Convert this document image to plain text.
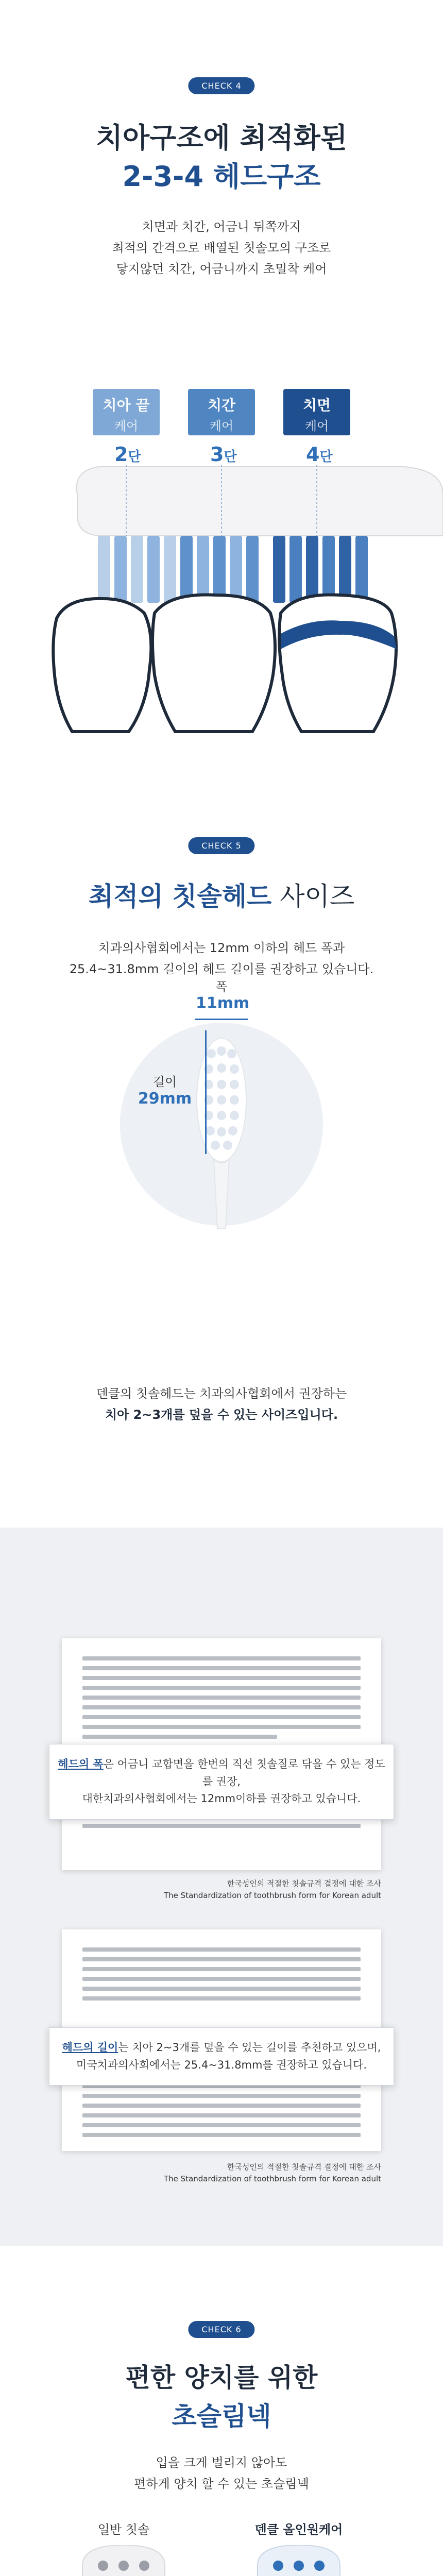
CHECK 4
치아구조에 최적화된
2-3-4 헤드구조
치면과 치간, 어금니 뒤쪽까지
최적의 간격으로 배열된 칫솔모의 구조로
닿지않던 치간, 어금니까지 초밀착 케어
치아 끝
케어
치간
케어
치면
케어
2단	3단	4단
CHECK 5
최적의 칫솔헤드 사이즈
치과의사협회에서는 12mm 이하의 헤드 폭과
25.4~31.8mm 길이의 헤드 길이를 권장하고 있습니다.
폭
11mm
길이
29mm
덴클의 칫솔헤드는 치과의사협회에서 권장하는
치아 2~3개를 덮을 수 있는 사이즈입니다.
헤드의 폭은 어금니 교합면을 한번의 직선 칫솔질로 닦을 수 있는 정도를 권장,
대한치과의사협회에서는 12mm이하를 권장하고 있습니다.
한국성인의 적절한 칫솔규격 결정에 대한 조사
The Standardization of toothbrush form for Korean adult
헤드의 길이는 치아 2~3개를 덮을 수 있는 길이를 추천하고 있으며,
미국치과의사회에서는 25.4~31.8mm를 권장하고 있습니다.
한국성인의 적절한 칫솔규격 결정에 대한 조사
The Standardization of toothbrush form for Korean adult
CHECK 6
편한 양치를 위한
초슬림넥
입을 크게 벌리지 않아도
편하게 양치 할 수 있는 초슬림넥
일반 칫솔	덴클 올인원케어
